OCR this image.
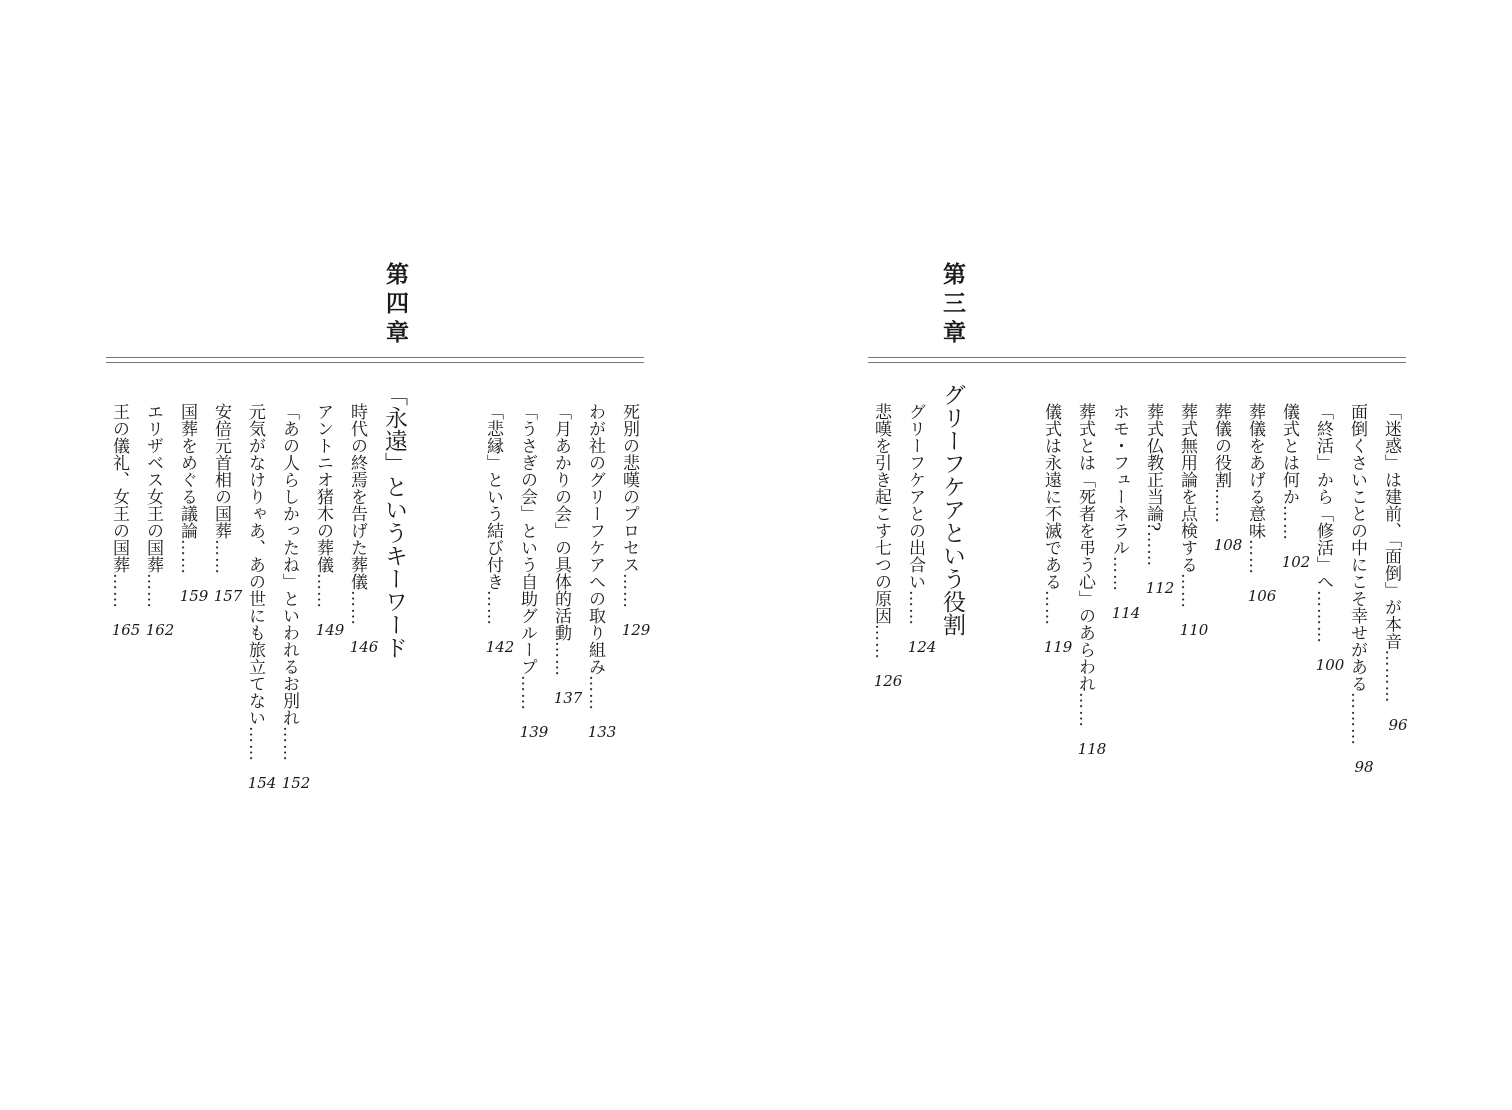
第三章
「迷惑」は建前、「面倒」が本音………96
面倒くさいことの中にこそ幸せがある………98
「終活」から「修活」へ………100
儀式とは何か……102
葬儀をあげる意味……106
葬儀の役割……108
葬式無用論を点検する……110
葬式仏教正当論?……112
ホモ・フューネラル……114
葬式とは「死者を弔う心」のあらわれ……118
儀式は永遠に不滅である……119
グリーフケアという役割
グリーフケアとの出合い……124
悲嘆を引き起こす七つの原因……126
第四章
死別の悲嘆のプロセス……129
わが社のグリーフケアへの取り組み……133
「月あかりの会」の具体的活動……137
「うさぎの会」という自助グループ……139
「悲縁」という結び付き……142
「永遠」というキーワード
時代の終焉を告げた葬儀……146
アントニオ猪木の葬儀……149
「あの人らしかったね」といわれるお別れ……152
元気がなけりゃあ、あの世にも旅立てない……154
安倍元首相の国葬……157
国葬をめぐる議論……159
エリザベス女王の国葬……162
王の儀礼、女王の国葬……165
